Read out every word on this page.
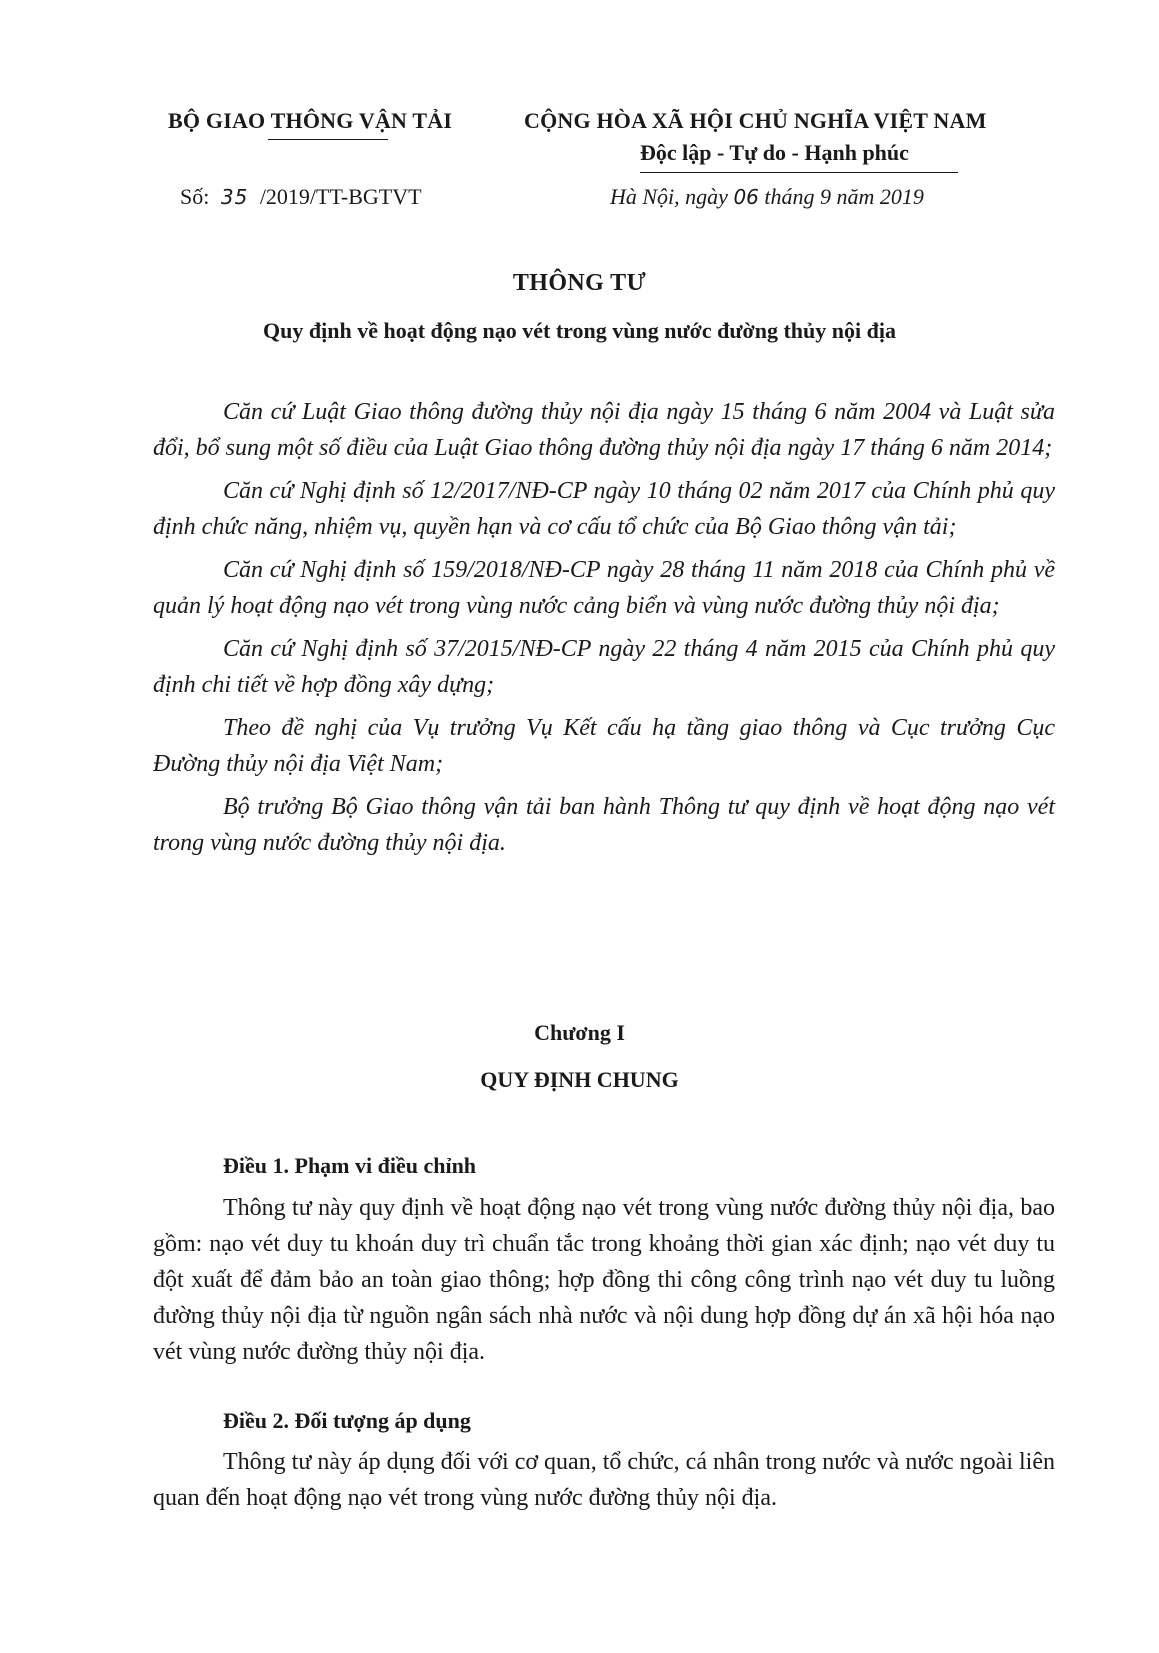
BỘ GIAO THÔNG VẬN TẢI	CỘNG HÒA XÃ HỘI CHỦ NGHĨA VIỆT NAM
Độc lập - Tự do - Hạnh phúc
Số: 35 /2019/TT-BGTVT	Hà Nội, ngày 06 tháng 9 năm 2019
THÔNG TƯ
Quy định về hoạt động nạo vét trong vùng nước đường thủy nội địa

Căn cứ Luật Giao thông đường thủy nội địa ngày 15 tháng 6 năm 2004 và Luật sửa đổi, bổ sung một số điều của Luật Giao thông đường thủy nội địa ngày 17 tháng 6 năm 2014;

Căn cứ Nghị định số 12/2017/NĐ-CP ngày 10 tháng 02 năm 2017 của Chính phủ quy định chức năng, nhiệm vụ, quyền hạn và cơ cấu tổ chức của Bộ Giao thông vận tải;

Căn cứ Nghị định số 159/2018/NĐ-CP ngày 28 tháng 11 năm 2018 của Chính phủ về quản lý hoạt động nạo vét trong vùng nước cảng biển và vùng nước đường thủy nội địa;

Căn cứ Nghị định số 37/2015/NĐ-CP ngày 22 tháng 4 năm 2015 của Chính phủ quy định chi tiết về hợp đồng xây dựng;

Theo đề nghị của Vụ trưởng Vụ Kết cấu hạ tầng giao thông và Cục trưởng Cục Đường thủy nội địa Việt Nam;

Bộ trưởng Bộ Giao thông vận tải ban hành Thông tư quy định về hoạt động nạo vét trong vùng nước đường thủy nội địa.

Chương I
QUY ĐỊNH CHUNG
Điều 1. Phạm vi điều chỉnh

Thông tư này quy định về hoạt động nạo vét trong vùng nước đường thủy nội địa, bao gồm: nạo vét duy tu khoán duy trì chuẩn tắc trong khoảng thời gian xác định; nạo vét duy tu đột xuất để đảm bảo an toàn giao thông; hợp đồng thi công công trình nạo vét duy tu luồng đường thủy nội địa từ nguồn ngân sách nhà nước và nội dung hợp đồng dự án xã hội hóa nạo vét vùng nước đường thủy nội địa.

Điều 2. Đối tượng áp dụng

Thông tư này áp dụng đối với cơ quan, tổ chức, cá nhân trong nước và nước ngoài liên quan đến hoạt động nạo vét trong vùng nước đường thủy nội địa.
